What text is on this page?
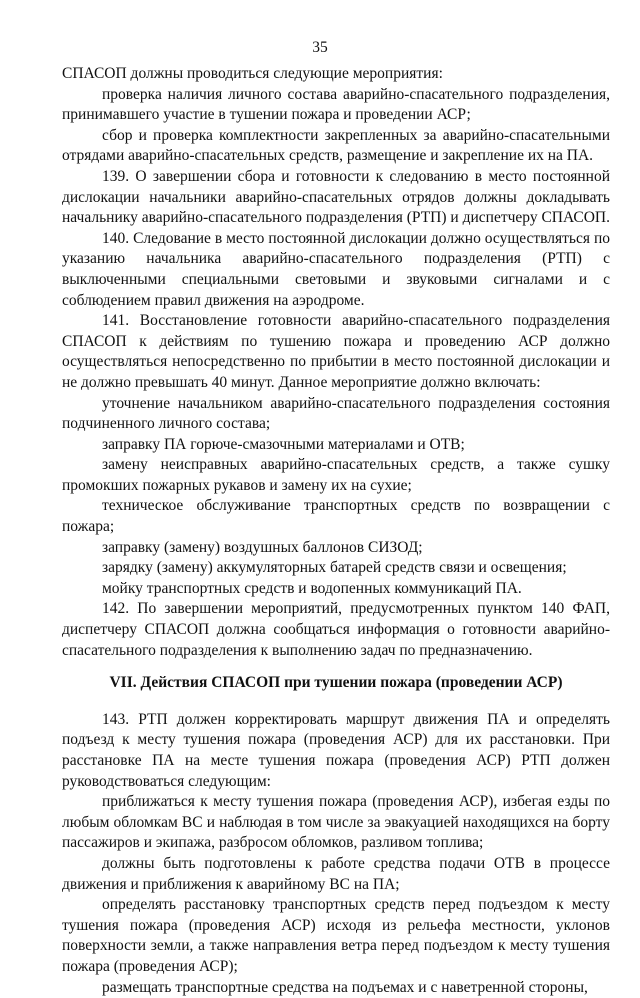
35

СПАСОП должны проводиться следующие мероприятия:

проверка наличия личного состава аварийно-спасательного подразделения, принимавшего участие в тушении пожара и проведении АСР;

сбор и проверка комплектности закрепленных за аварийно-спасательными отрядами аварийно-спасательных средств, размещение и закрепление их на ПА.

139. О завершении сбора и готовности к следованию в место постоянной дислокации начальники аварийно-спасательных отрядов должны докладывать начальнику аварийно-спасательного подразделения (РТП) и диспетчеру СПАСОП.

140. Следование в место постоянной дислокации должно осуществляться по указанию начальника аварийно-спасательного подразделения (РТП) с выключенными специальными световыми и звуковыми сигналами и с соблюдением правил движения на аэродроме.

141. Восстановление готовности аварийно-спасательного подразделения СПАСОП к действиям по тушению пожара и проведению АСР должно осуществляться непосредственно по прибытии в место постоянной дислокации и не должно превышать 40 минут. Данное мероприятие должно включать:

уточнение начальником аварийно-спасательного подразделения состояния подчиненного личного состава;

заправку ПА горюче-смазочными материалами и ОТВ;

замену неисправных аварийно-спасательных средств, а также сушку промокших пожарных рукавов и замену их на сухие;

техническое обслуживание транспортных средств по возвращении с пожара;

заправку (замену) воздушных баллонов СИЗОД;

зарядку (замену) аккумуляторных батарей средств связи и освещения;

мойку транспортных средств и водопенных коммуникаций ПА.

142. По завершении мероприятий, предусмотренных пунктом 140 ФАП, диспетчеру СПАСОП должна сообщаться информация о готовности аварийно-спасательного подразделения к выполнению задач по предназначению.

VII. Действия СПАСОП при тушении пожара (проведении АСР)

143. РТП должен корректировать маршрут движения ПА и определять подъезд к месту тушения пожара (проведения АСР) для их расстановки. При расстановке ПА на месте тушения пожара (проведения АСР) РТП должен руководствоваться следующим:

приближаться к месту тушения пожара (проведения АСР), избегая езды по любым обломкам ВС и наблюдая в том числе за эвакуацией находящихся на борту пассажиров и экипажа, разбросом обломков, разливом топлива;

должны быть подготовлены к работе средства подачи ОТВ в процессе движения и приближения к аварийному ВС на ПА;

определять расстановку транспортных средств перед подъездом к месту тушения пожара (проведения АСР) исходя из рельефа местности, уклонов поверхности земли, а также направления ветра перед подъездом к месту тушения пожара (проведения АСР);

размещать транспортные средства на подъемах и с наветренной стороны,
